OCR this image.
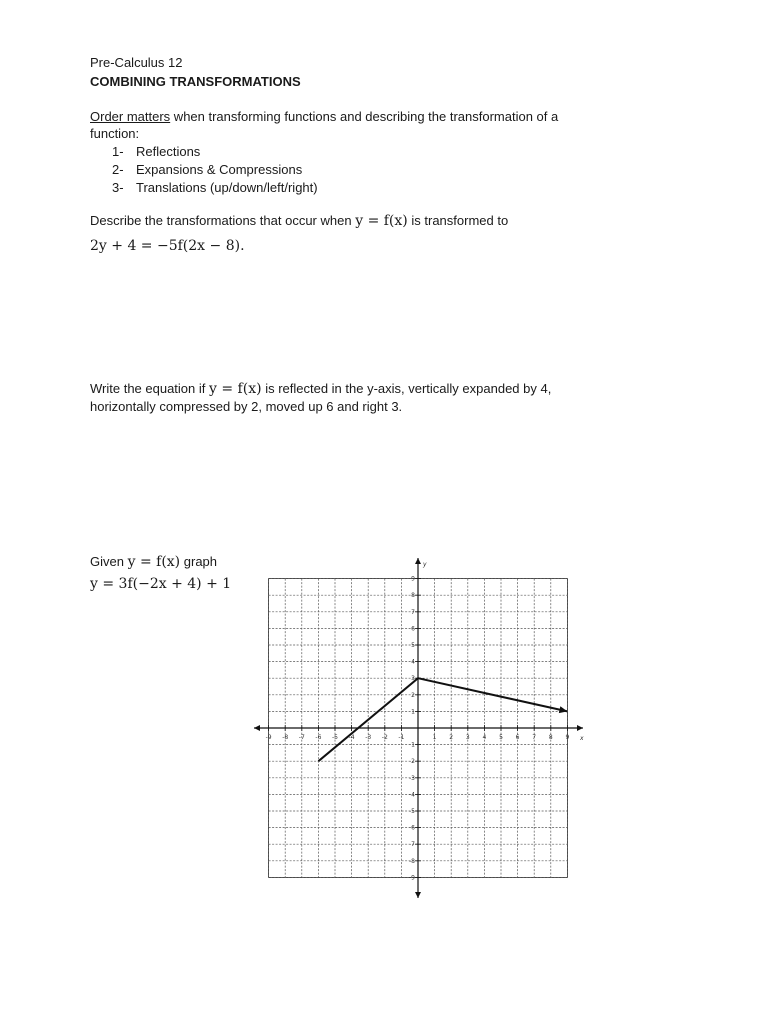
Pre-Calculus 12
COMBINING TRANSFORMATIONS
Order matters when transforming functions and describing the transformation of a function:
1- Reflections
2- Expansions & Compressions
3- Translations (up/down/left/right)
Describe the transformations that occur when y = f(x) is transformed to
2y + 4 = −5f(2x − 8).
Write the equation if y = f(x) is reflected in the y-axis, vertically expanded by 4, horizontally compressed by 2, moved up 6 and right 3.
Given y = f(x) graph
y = 3f(−2x + 4) + 1
-9 -8 -7 -6 -5 -4 -3 -2 -1	1 2 3 4 5 6 7 8 9
9
8
7
6
5
4
3
2
1
-1
-2
-3
-4
-5
-6
-7
-8
-9
x
y
